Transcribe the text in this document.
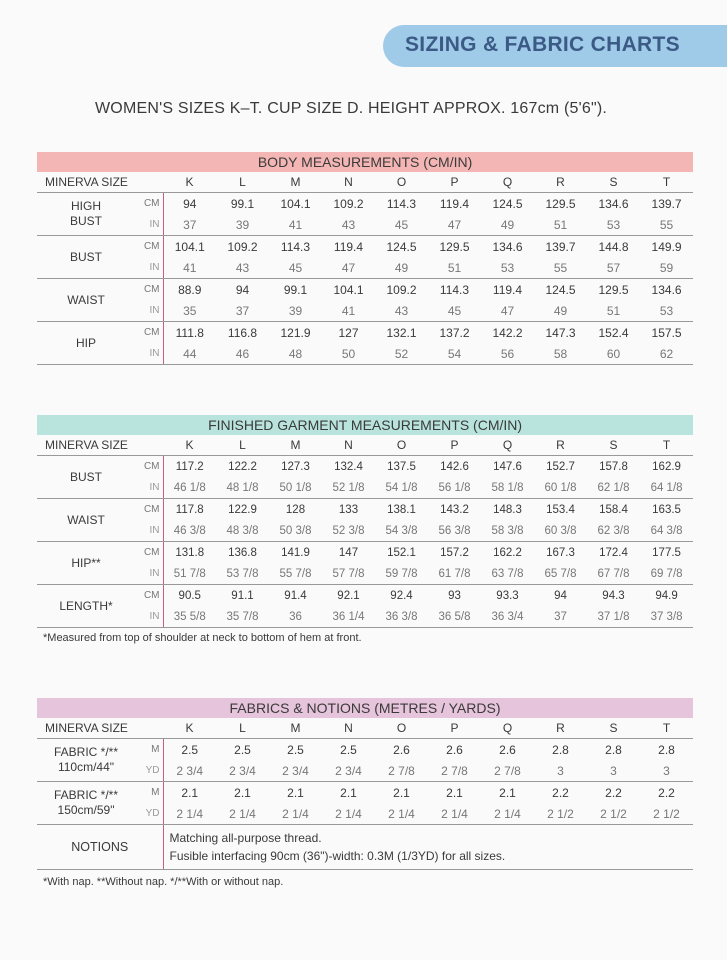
SIZING & FABRIC CHARTS
WOMEN'S SIZES K–T. CUP SIZE D. HEIGHT APPROX. 167cm (5'6").
BODY MEASUREMENTS (CM/IN)											
MINERVA SIZE		K	L	M	N	O	P	Q	R	S	T

HIGH BUST	CM	94	99.1	104.1	109.2	114.3	119.4	124.5	129.5	134.6	139.7
	IN	37	39	41	43	45	47	49	51	53	55

BUST	CM	104.1	109.2	114.3	119.4	124.5	129.5	134.6	139.7	144.8	149.9
	IN	41	43	45	47	49	51	53	55	57	59

WAIST	CM	88.9	94	99.1	104.1	109.2	114.3	119.4	124.5	129.5	134.6
	IN	35	37	39	41	43	45	47	49	51	53

HIP	CM	111.8	116.8	121.9	127	132.1	137.2	142.2	147.3	152.4	157.5
	IN	44	46	48	50	52	54	56	58	60	62
FINISHED GARMENT MEASUREMENTS (CM/IN)											
MINERVA SIZE		K	L	M	N	O	P	Q	R	S	T

BUST	CM	117.2	122.2	127.3	132.4	137.5	142.6	147.6	152.7	157.8	162.9
	IN	46 1/8	48 1/8	50 1/8	52 1/8	54 1/8	56 1/8	58 1/8	60 1/8	62 1/8	64 1/8

WAIST	CM	117.8	122.9	128	133	138.1	143.2	148.3	153.4	158.4	163.5
	IN	46 3/8	48 3/8	50 3/8	52 3/8	54 3/8	56 3/8	58 3/8	60 3/8	62 3/8	64 3/8

HIP**	CM	131.8	136.8	141.9	147	152.1	157.2	162.2	167.3	172.4	177.5
	IN	51 7/8	53 7/8	55 7/8	57 7/8	59 7/8	61 7/8	63 7/8	65 7/8	67 7/8	69 7/8

LENGTH*	CM	90.5	91.1	91.4	92.1	92.4	93	93.3	94	94.3	94.9
	IN	35 5/8	35 7/8	36	36 1/4	36 3/8	36 5/8	36 3/4	37	37 1/8	37 3/8
*Measured from top of shoulder at neck to bottom of hem at front.
FABRICS & NOTIONS (METRES / YARDS)											
MINERVA SIZE		K	L	M	N	O	P	Q	R	S	T

FABRIC */**
110cm/44"	M	2.5	2.5	2.5	2.5	2.6	2.6	2.6	2.8	2.8	2.8
	YD	2 3/4	2 3/4	2 3/4	2 3/4	2 7/8	2 7/8	2 7/8	3	3	3

FABRIC */**
150cm/59"	M	2.1	2.1	2.1	2.1	2.1	2.1	2.1	2.2	2.2	2.2
	YD	2 1/4	2 1/4	2 1/4	2 1/4	2 1/4	2 1/4	2 1/4	2 1/2	2 1/2	2 1/2
NOTIONS		Matching all-purpose thread.
Fusible interfacing 90cm (36")-width: 0.3M (1/3YD) for all sizes.									
*With nap. **Without nap. */**With or without nap.
